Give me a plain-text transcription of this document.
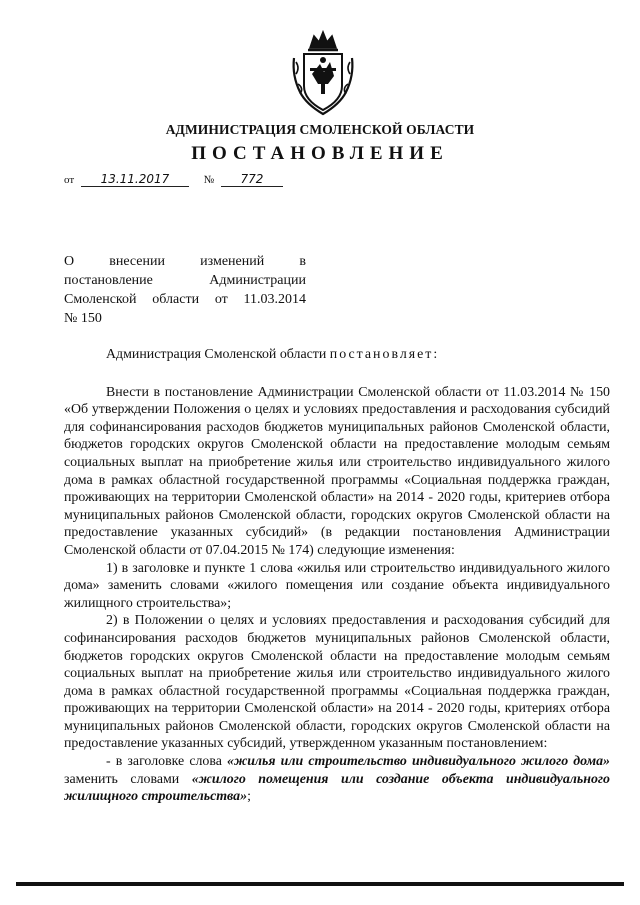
АДМИНИСТРАЦИЯ СМОЛЕНСКОЙ ОБЛАСТИ
ПОСТАНОВЛЕНИЕ
от 13.11.2017	№ 772
О внесении изменений в
постановление Администрации
Смоленской области от 11.03.2014
№ 150

Администрация Смоленской области постановляет:

Внести в постановление Администрации Смоленской области от 11.03.2014 № 150 «Об утверждении Положения о целях и условиях предоставления и расходования субсидий для софинансирования расходов бюджетов муниципальных районов Смоленской области, бюджетов городских округов Смоленской области на предоставление молодым семьям социальных выплат на приобретение жилья или строительство индивидуального жилого дома в рамках областной государственной программы «Социальная поддержка граждан, проживающих на территории Смоленской области» на 2014 - 2020 годы, критериев отбора муниципальных районов Смоленской области, городских округов Смоленской области на предоставление указанных субсидий» (в редакции постановления Администрации Смоленской области от 07.04.2015 № 174) следующие изменения:

1) в заголовке и пункте 1 слова «жилья или строительство индивидуального жилого дома» заменить словами «жилого помещения или создание объекта индивидуального жилищного строительства»;

2) в Положении о целях и условиях предоставления и расходования субсидий для софинансирования расходов бюджетов муниципальных районов Смоленской области, бюджетов городских округов Смоленской области на предоставление молодым семьям социальных выплат на приобретение жилья или строительство индивидуального жилого дома в рамках областной государственной программы «Социальная поддержка граждан, проживающих на территории Смоленской области» на 2014 - 2020 годы, критериях отбора муниципальных районов Смоленской области, городских округов Смоленской области на предоставление указанных субсидий, утвержденном указанным постановлением:

- в заголовке слова «жилья или строительство индивидуального жилого дома» заменить словами «жилого помещения или создание объекта индивидуального жилищного строительства»;
